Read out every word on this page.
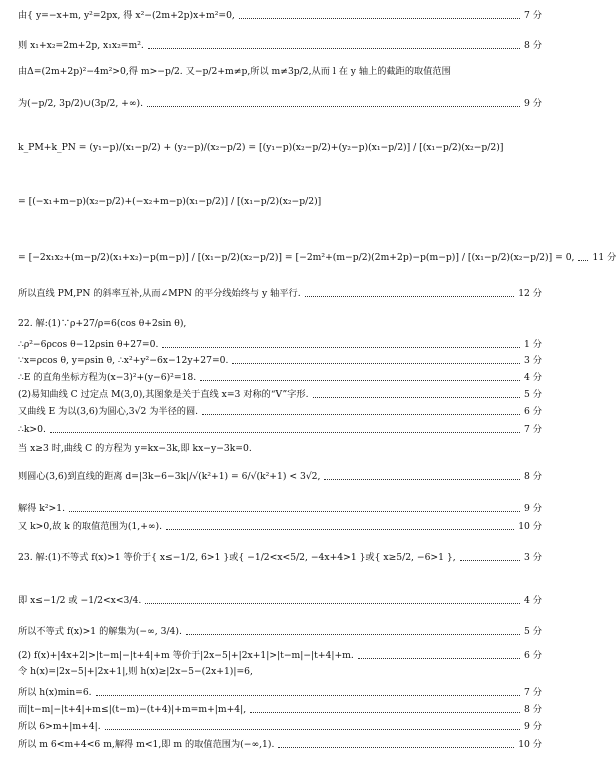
由{ y=−x+m, y²=2px, 得 x²−(2m+2p)x+m²=0,	7 分
则 x₁+x₂=2m+2p, x₁x₂=m².	8 分
由Δ=(2m+2p)²−4m²>0,得 m>−p/2. 又−p/2+m≠p,所以 m≠3p/2,从而 l 在 y 轴上的截距的取值范围
为(−p/2, 3p/2)∪(3p/2, +∞).	9 分
k_PM+k_PN = (y₁−p)/(x₁−p/2) + (y₂−p)/(x₂−p/2) = [(y₁−p)(x₂−p/2)+(y₂−p)(x₁−p/2)] / [(x₁−p/2)(x₂−p/2)]
= [(−x₁+m−p)(x₂−p/2)+(−x₂+m−p)(x₁−p/2)] / [(x₁−p/2)(x₂−p/2)]
= [−2x₁x₂+(m−p/2)(x₁+x₂)−p(m−p)] / [(x₁−p/2)(x₂−p/2)] = [−2m²+(m−p/2)(2m+2p)−p(m−p)] / [(x₁−p/2)(x₂−p/2)] = 0, 11 分
所以直线 PM,PN 的斜率互补,从而∠MPN 的平分线始终与 y 轴平行.	12 分
22. 解:(1)∵ρ+27/ρ=6(cos θ+2sin θ),
∴ρ²−6ρcos θ−12ρsin θ+27=0.	1 分
∵x=ρcos θ, y=ρsin θ, ∴x²+y²−6x−12y+27=0.	3 分
∴E 的直角坐标方程为(x−3)²+(y−6)²=18.	4 分
(2)易知曲线 C 过定点 M(3,0),其图象是关于直线 x=3 对称的“V”字形.	5 分
又曲线 E 为以(3,6)为圆心,3√2 为半径的圆.	6 分
∴k>0.	7 分
当 x≥3 时,曲线 C 的方程为 y=kx−3k,即 kx−y−3k=0.
则圆心(3,6)到直线的距离 d=|3k−6−3k|/√(k²+1) = 6/√(k²+1) < 3√2,	8 分
解得 k²>1.	9 分
又 k>0,故 k 的取值范围为(1,+∞).	10 分
23. 解:(1)不等式 f(x)>1 等价于{ x≤−1/2, 6>1 }或{ −1/2<x<5/2, −4x+4>1 }或{ x≥5/2, −6>1 },	3 分
即 x≤−1/2 或 −1/2<x<3/4.	4 分
所以不等式 f(x)>1 的解集为(−∞, 3/4).	5 分
(2) f(x)+|4x+2|>|t−m|−|t+4|+m 等价于|2x−5|+|2x+1|>|t−m|−|t+4|+m.	6 分
令 h(x)=|2x−5|+|2x+1|,则 h(x)≥|2x−5−(2x+1)|=6,
所以 h(x)min=6.	7 分
而|t−m|−|t+4|+m≤|(t−m)−(t+4)|+m=m+|m+4|,	8 分
所以 6>m+|m+4|.	9 分
所以 m 6<m+4<6 m,解得 m<1,即 m 的取值范围为(−∞,1).	10 分
